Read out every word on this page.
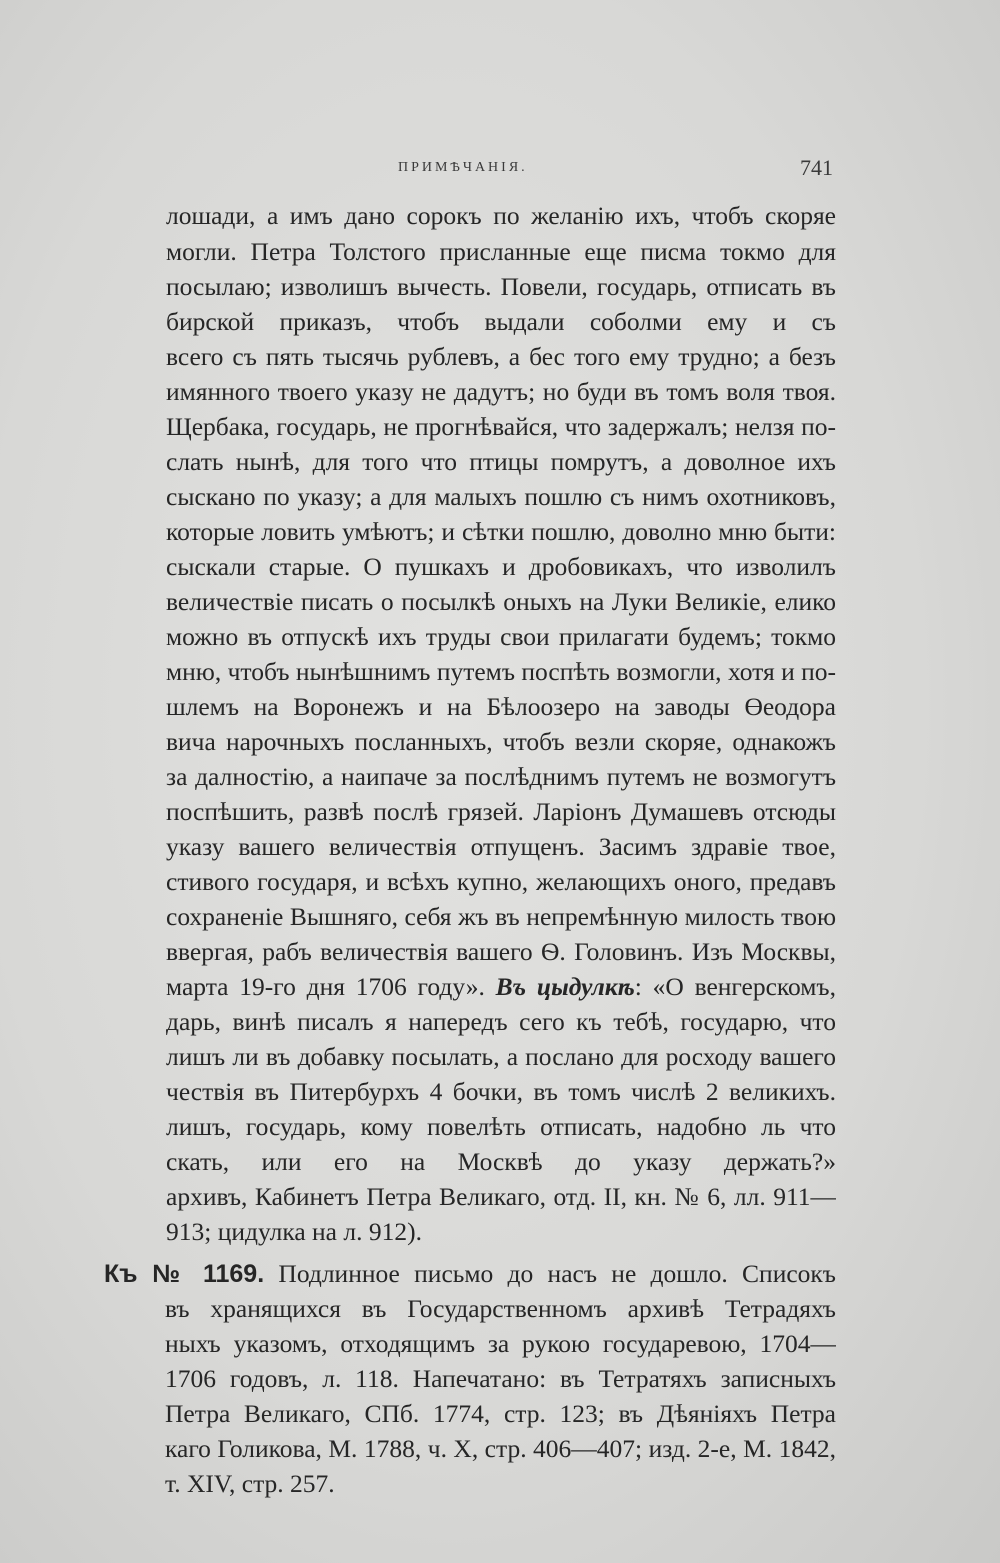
ПРИМѢЧАНІЯ.	741
лошади, а имъ дано сорокъ по желанію ихъ, чтобъ скоряе
могли. Петра Толстого присланные еще писма токмо для
посылаю; изволишъ вычесть. Повели, государь, отписать въ
бирской приказъ, чтобъ выдали соболми ему и съ
всего съ пять тысячь рублевъ, а бес того ему трудно; а безъ
имянного твоего указу не дадутъ; но буди въ томъ воля твоя.
Щербака, государь, не прогнѣвайся, что задержалъ; нелзя по-
слать нынѣ, для того что птицы помрутъ, а доволное ихъ
сыскано по указу; а для малыхъ пошлю съ нимъ охотниковъ,
которые ловить умѣютъ; и сѣтки пошлю, доволно мню быти:
сыскали старые. О пушкахъ и дробовикахъ, что изволилъ
величествіе писать о посылкѣ оныхъ на Луки Великіе, елико
можно въ отпускѣ ихъ труды свои прилагати будемъ; токмо
мню, чтобъ нынѣшнимъ путемъ поспѣть возмогли, хотя и по-
шлемъ на Воронежъ и на Бѣлоозеро на заводы Өеодора
вича нарочныхъ посланныхъ, чтобъ везли скоряе, однакожъ
за далностію, а наипаче за послѣднимъ путемъ не возмогутъ
поспѣшить, развѣ послѣ грязей. Ларіонъ Думашевъ отсюды
указу вашего величествія отпущенъ. Засимъ здравіе твое,
стивого государя, и всѣхъ купно, желающихъ оного, предавъ
сохраненіе Вышняго, себя жъ въ непремѣнную милость твою
ввергая, рабъ величествія вашего Ѳ. Головинъ. Изъ Москвы,
марта 19-го дня 1706 году». Въ цыдулкѣ: «О венгерскомъ,
дарь, винѣ писалъ я напередъ сего къ тебѣ, государю, что
лишъ ли въ добавку посылать, а послано для росходу вашего
чествія въ Питербурхъ 4 бочки, въ томъ числѣ 2 великихъ.
лишъ, государь, кому повелѣть отписать, надобно ль что
скать, или его на Москвѣ до указу держать?»
архивъ, Кабинетъ Петра Великаго, отд. II, кн. № 6, лл. 911—
913; цидулка на л. 912).
Къ № 1169. Подлинное письмо до насъ не дошло. Списокъ
въ хранящихся въ Государственномъ архивѣ Тетрадяхъ
ныхъ указомъ, отходящимъ за рукою государевою, 1704—
1706 годовъ, л. 118. Напечатано: въ Тетратяхъ записныхъ
Петра Великаго, СПб. 1774, стр. 123; въ Дѣяніяхъ Петра
каго Голикова, М. 1788, ч. X, стр. 406—407; изд. 2-е, М. 1842,
т. XIV, стр. 257.
